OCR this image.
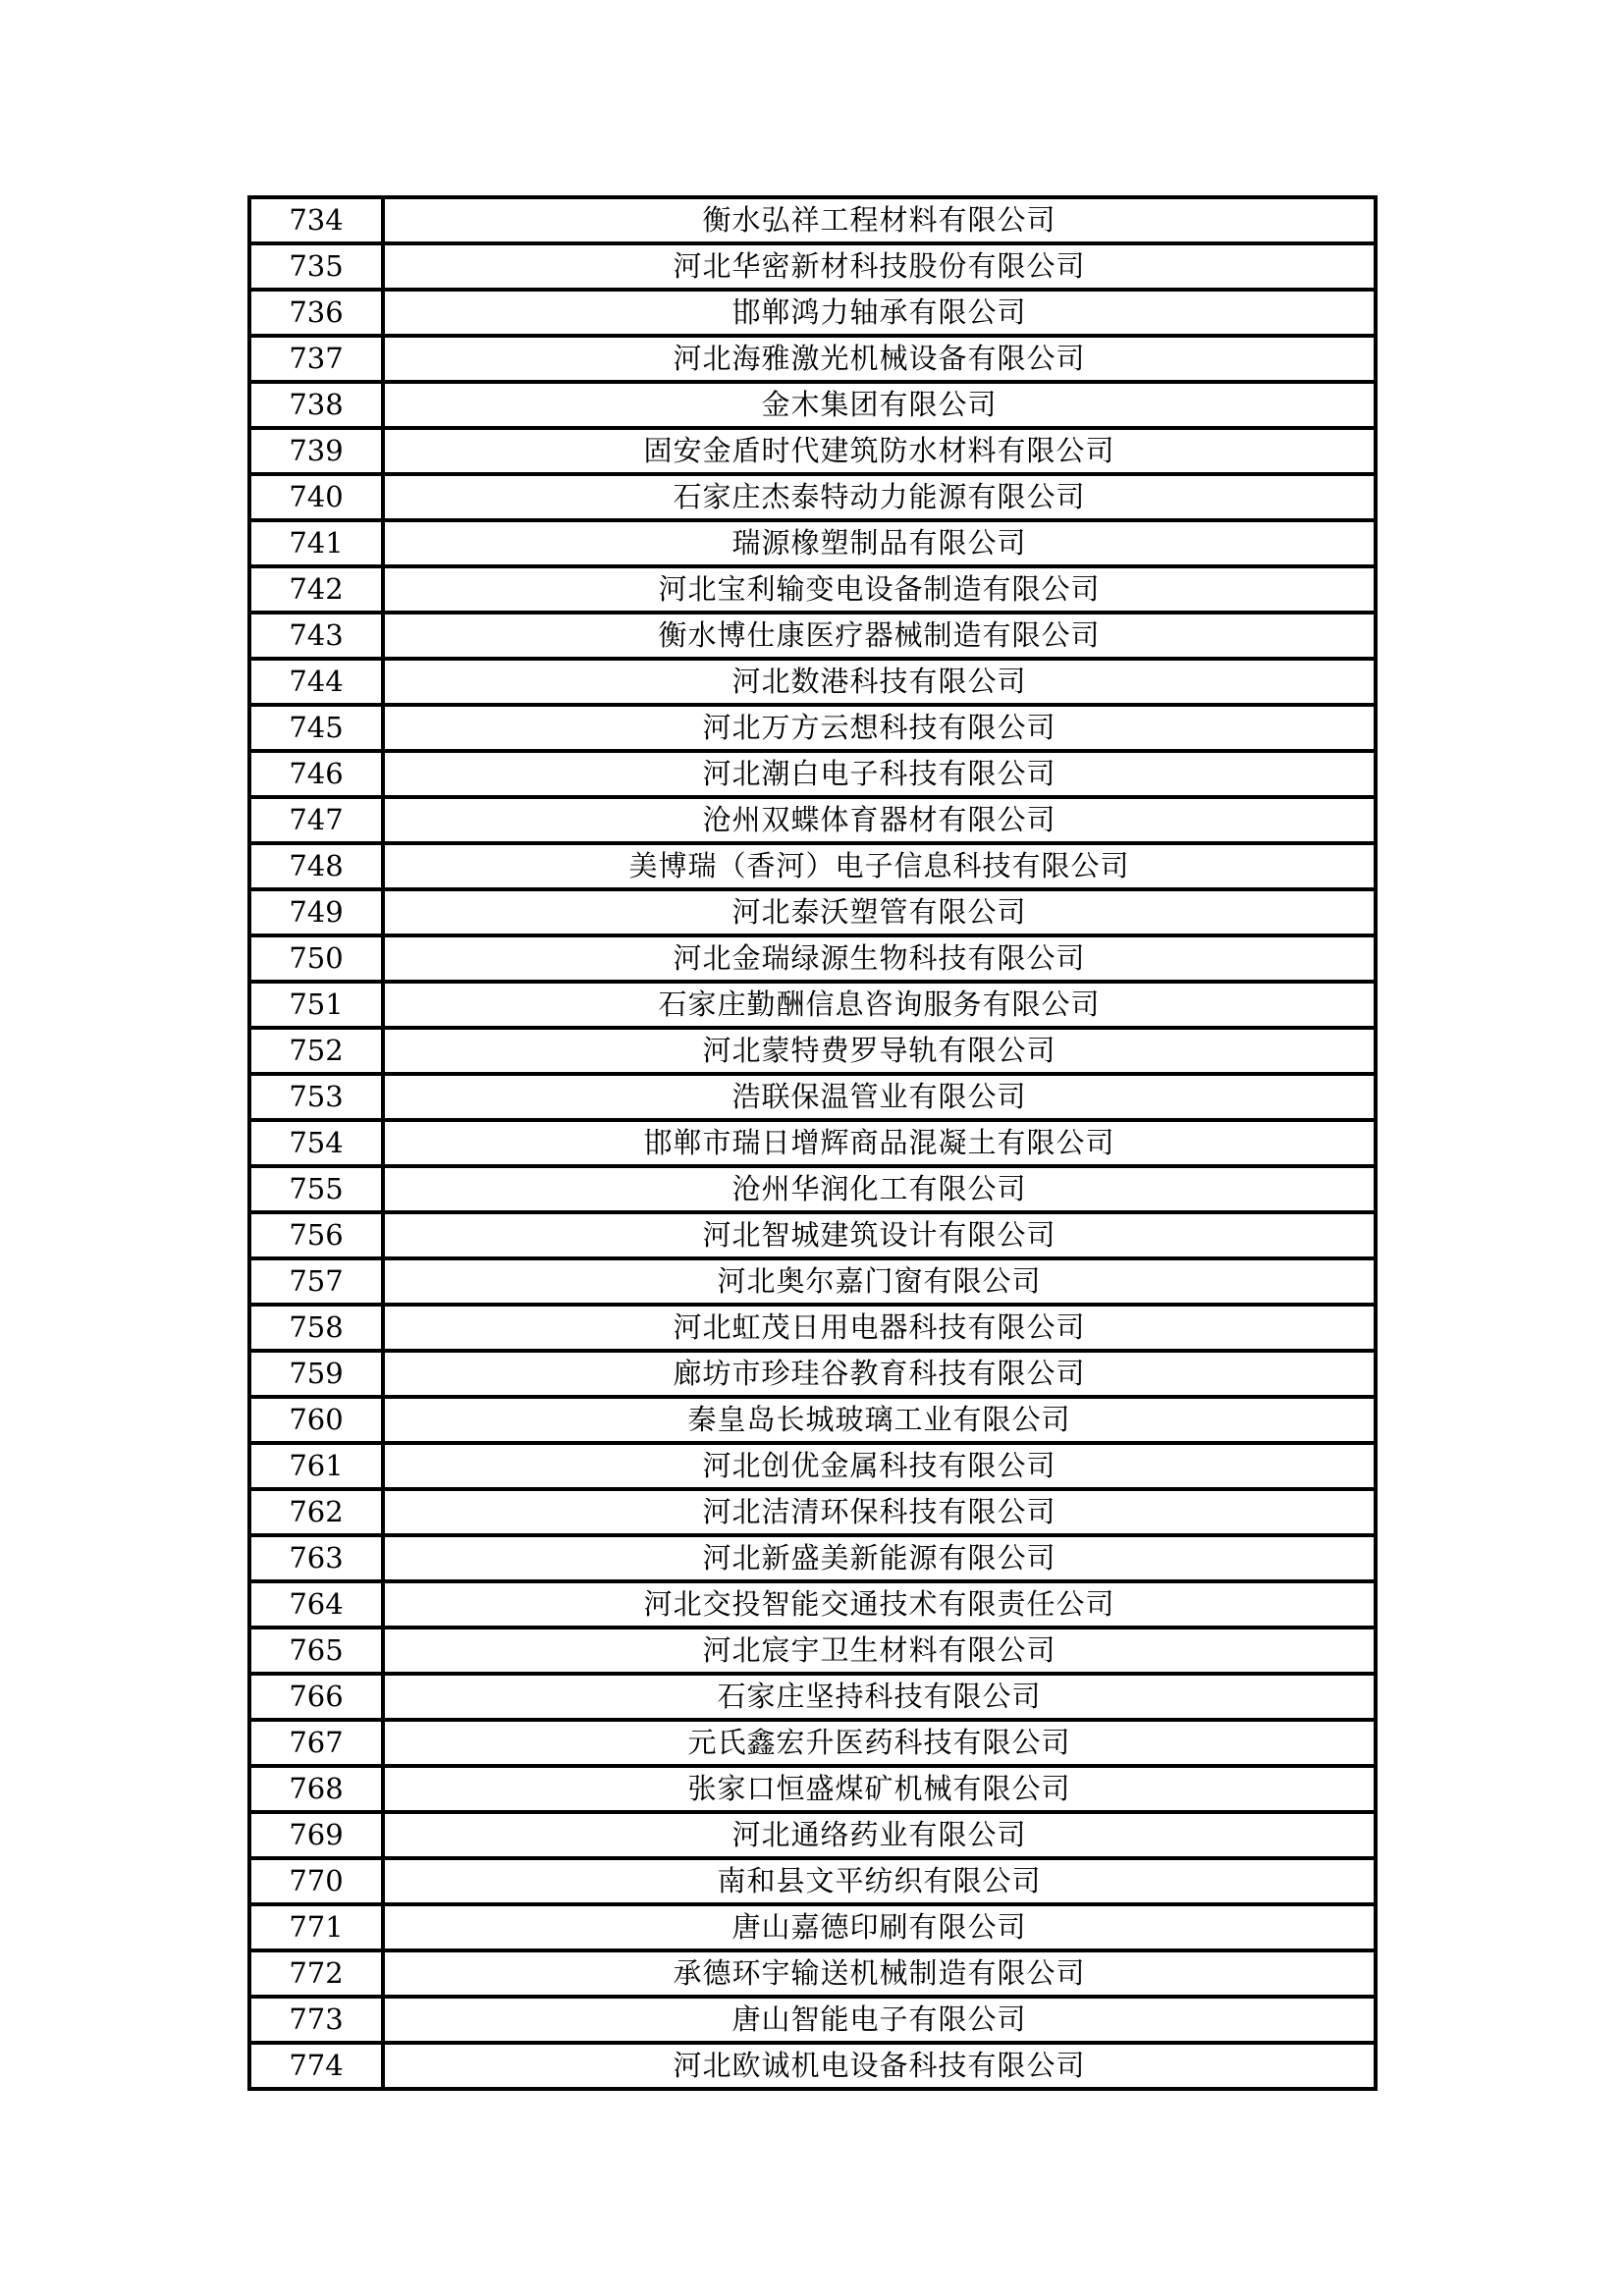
734	衡水弘祥工程材料有限公司
735	河北华密新材科技股份有限公司
736	邯郸鸿力轴承有限公司
737	河北海雅激光机械设备有限公司
738	金木集团有限公司
739	固安金盾时代建筑防水材料有限公司
740	石家庄杰泰特动力能源有限公司
741	瑞源橡塑制品有限公司
742	河北宝利输变电设备制造有限公司
743	衡水博仕康医疗器械制造有限公司
744	河北数港科技有限公司
745	河北万方云想科技有限公司
746	河北潮白电子科技有限公司
747	沧州双蝶体育器材有限公司
748	美博瑞（香河）电子信息科技有限公司
749	河北泰沃塑管有限公司
750	河北金瑞绿源生物科技有限公司
751	石家庄勤酬信息咨询服务有限公司
752	河北蒙特费罗导轨有限公司
753	浩联保温管业有限公司
754	邯郸市瑞日增辉商品混凝土有限公司
755	沧州华润化工有限公司
756	河北智城建筑设计有限公司
757	河北奥尔嘉门窗有限公司
758	河北虹茂日用电器科技有限公司
759	廊坊市珍珪谷教育科技有限公司
760	秦皇岛长城玻璃工业有限公司
761	河北创优金属科技有限公司
762	河北洁清环保科技有限公司
763	河北新盛美新能源有限公司
764	河北交投智能交通技术有限责任公司
765	河北宸宇卫生材料有限公司
766	石家庄坚持科技有限公司
767	元氏鑫宏升医药科技有限公司
768	张家口恒盛煤矿机械有限公司
769	河北通络药业有限公司
770	南和县文平纺织有限公司
771	唐山嘉德印刷有限公司
772	承德环宇输送机械制造有限公司
773	唐山智能电子有限公司
774	河北欧诚机电设备科技有限公司
